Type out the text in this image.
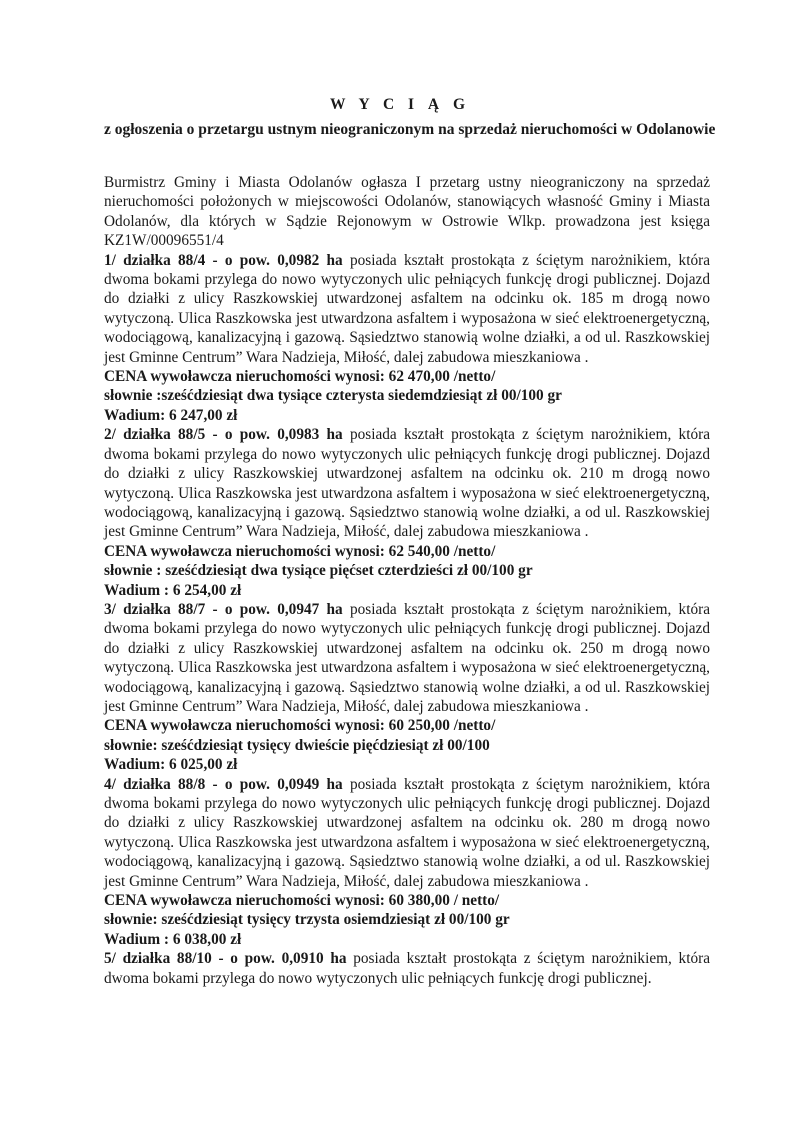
W Y C I Ą G
z ogłoszenia o przetargu ustnym nieograniczonym na sprzedaż nieruchomości w Odolanowie

Burmistrz Gminy i Miasta Odolanów ogłasza I przetarg ustny nieograniczony na sprzedaż nieruchomości położonych w miejscowości Odolanów, stanowiących własność Gminy i Miasta Odolanów, dla których w Sądzie Rejonowym w Ostrowie Wlkp. prowadzona jest księga KZ1W/00096551/4

1/ działka 88/4 - o pow. 0,0982 ha posiada kształt prostokąta z ściętym narożnikiem, która dwoma bokami przylega do nowo wytyczonych ulic pełniących funkcję drogi publicznej. Dojazd do działki z ulicy Raszkowskiej utwardzonej asfaltem na odcinku ok. 185 m drogą nowo wytyczoną. Ulica Raszkowska jest utwardzona asfaltem i wyposażona w sieć elektroenergetyczną, wodociągową, kanalizacyjną i gazową. Sąsiedztwo stanowią wolne działki, a od ul. Raszkowskiej jest Gminne Centrum” Wara Nadzieja, Miłość, dalej zabudowa mieszkaniowa .

CENA wywoławcza nieruchomości wynosi: 62 470,00 /netto/

słownie :sześćdziesiąt dwa tysiące czterysta siedemdziesiąt zł 00/100 gr

Wadium: 6 247,00 zł

2/ działka 88/5 - o pow. 0,0983 ha posiada kształt prostokąta z ściętym narożnikiem, która dwoma bokami przylega do nowo wytyczonych ulic pełniących funkcję drogi publicznej. Dojazd do działki z ulicy Raszkowskiej utwardzonej asfaltem na odcinku ok. 210 m drogą nowo wytyczoną. Ulica Raszkowska jest utwardzona asfaltem i wyposażona w sieć elektroenergetyczną, wodociągową, kanalizacyjną i gazową. Sąsiedztwo stanowią wolne działki, a od ul. Raszkowskiej jest Gminne Centrum” Wara Nadzieja, Miłość, dalej zabudowa mieszkaniowa .

CENA wywoławcza nieruchomości wynosi: 62 540,00 /netto/

słownie : sześćdziesiąt dwa tysiące pięćset czterdzieści zł 00/100 gr

Wadium : 6 254,00 zł

3/ działka 88/7 - o pow. 0,0947 ha posiada kształt prostokąta z ściętym narożnikiem, która dwoma bokami przylega do nowo wytyczonych ulic pełniących funkcję drogi publicznej. Dojazd do działki z ulicy Raszkowskiej utwardzonej asfaltem na odcinku ok. 250 m drogą nowo wytyczoną. Ulica Raszkowska jest utwardzona asfaltem i wyposażona w sieć elektroenergetyczną, wodociągową, kanalizacyjną i gazową. Sąsiedztwo stanowią wolne działki, a od ul. Raszkowskiej jest Gminne Centrum” Wara Nadzieja, Miłość, dalej zabudowa mieszkaniowa .

CENA wywoławcza nieruchomości wynosi: 60 250,00 /netto/

słownie: sześćdziesiąt tysięcy dwieście pięćdziesiąt zł 00/100

Wadium: 6 025,00 zł

4/ działka 88/8 - o pow. 0,0949 ha posiada kształt prostokąta z ściętym narożnikiem, która dwoma bokami przylega do nowo wytyczonych ulic pełniących funkcję drogi publicznej. Dojazd do działki z ulicy Raszkowskiej utwardzonej asfaltem na odcinku ok. 280 m drogą nowo wytyczoną. Ulica Raszkowska jest utwardzona asfaltem i wyposażona w sieć elektroenergetyczną, wodociągową, kanalizacyjną i gazową. Sąsiedztwo stanowią wolne działki, a od ul. Raszkowskiej jest Gminne Centrum” Wara Nadzieja, Miłość, dalej zabudowa mieszkaniowa .

CENA wywoławcza nieruchomości wynosi: 60 380,00 / netto/

słownie: sześćdziesiąt tysięcy trzysta osiemdziesiąt zł 00/100 gr

Wadium : 6 038,00 zł

5/ działka 88/10 - o pow. 0,0910 ha posiada kształt prostokąta z ściętym narożnikiem, która dwoma bokami przylega do nowo wytyczonych ulic pełniących funkcję drogi publicznej.
